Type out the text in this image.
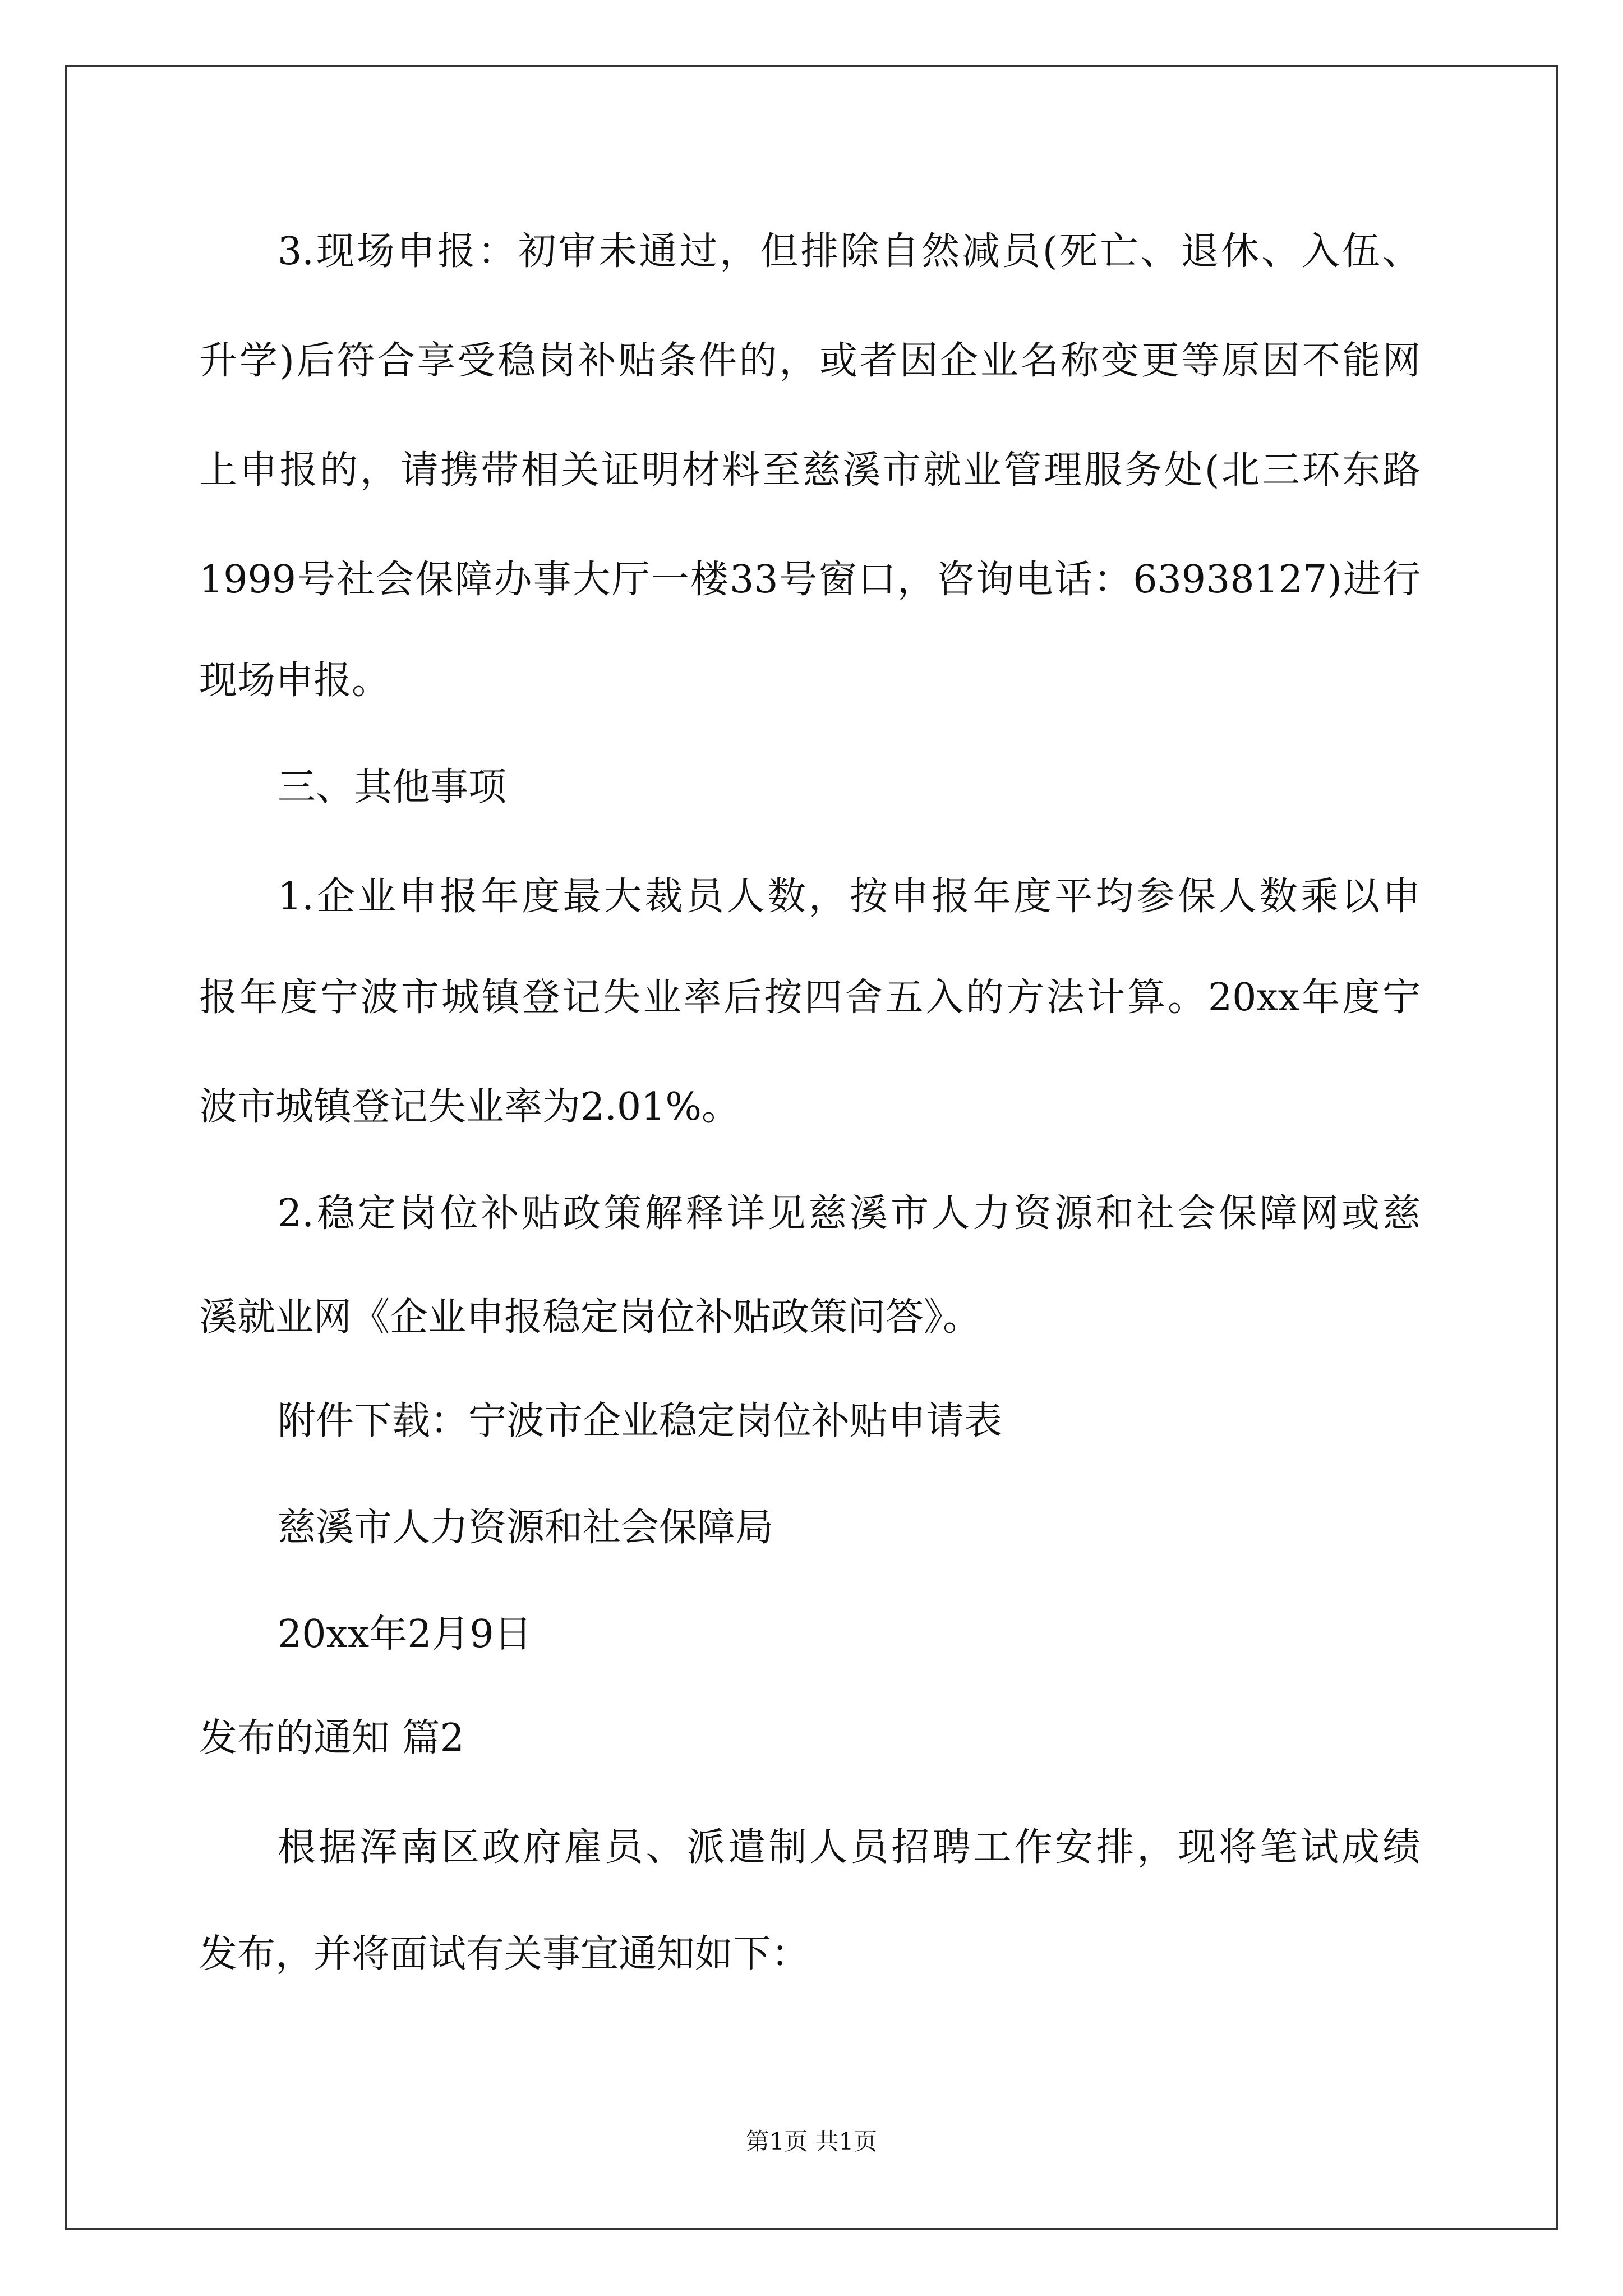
3.现场申报：初审未通过，但排除自然减员(死亡、退休、入伍、
升学)后符合享受稳岗补贴条件的，或者因企业名称变更等原因不能网
上申报的，请携带相关证明材料至慈溪市就业管理服务处(北三环东路
1999号社会保障办事大厅一楼33号窗口，咨询电话：63938127)进行
现场申报。
三、其他事项
1.企业申报年度最大裁员人数，按申报年度平均参保人数乘以申
报年度宁波市城镇登记失业率后按四舍五入的方法计算。20xx年度宁
波市城镇登记失业率为2.01%。
2.稳定岗位补贴政策解释详见慈溪市人力资源和社会保障网或慈
溪就业网《企业申报稳定岗位补贴政策问答》。
附件下载：宁波市企业稳定岗位补贴申请表
慈溪市人力资源和社会保障局
20xx年2月9日
发布的通知 篇2
根据浑南区政府雇员、派遣制人员招聘工作安排，现将笔试成绩
发布，并将面试有关事宜通知如下：
第1页 共1页
